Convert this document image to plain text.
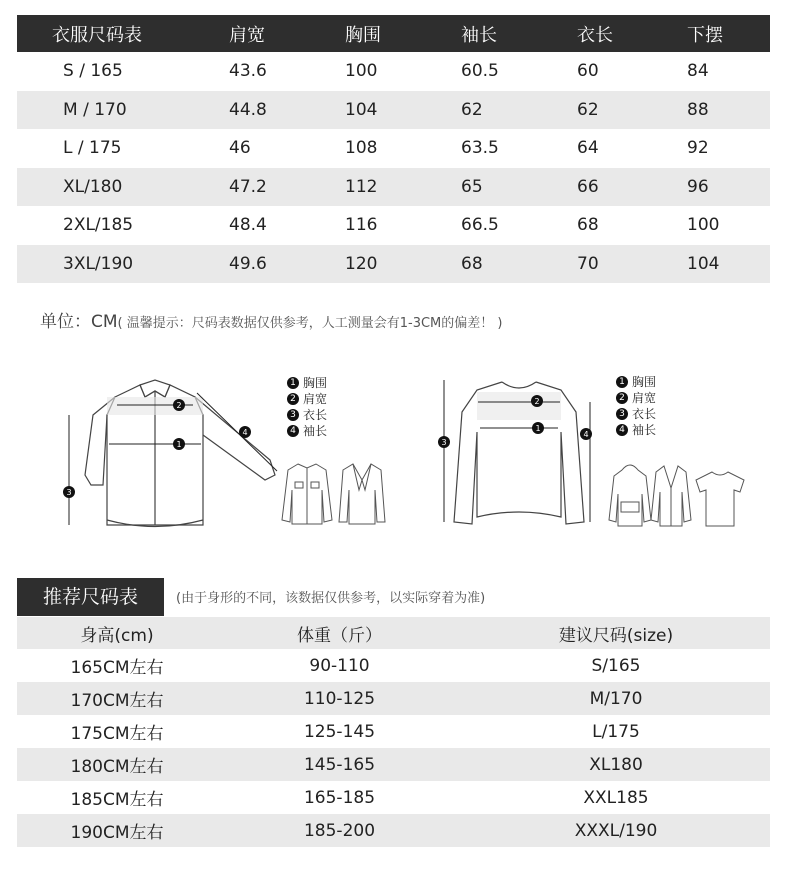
衣服尺码表	肩宽	胸围	袖长	衣长	下摆
S / 165	43.6	100	60.5	60	84
M / 170	44.8	104	62	62	88
L / 175	46	108	63.5	64	92
XL/180	47.2	112	65	66	96
2XL/185	48.4	116	66.5	68	100
3XL/190	49.6	120	68	70	104
单位：CM( 温馨提示：尺码表数据仅供参考，人工测量会有1-3CM的偏差！ )
1
2
3
4
1 胸围
2 肩宽
3 衣长
4 袖长	1
2
3
4
1 胸围
2 肩宽
3 衣长
4 袖长
推荐尺码表	(由于身形的不同，该数据仅供参考，以实际穿着为准)
身高(cm)	体重（斤）	建议尺码(size)
165CM左右	90-110	S/165
170CM左右	110-125	M/170
175CM左右	125-145	L/175
180CM左右	145-165	XL180
185CM左右	165-185	XXL185
190CM左右	185-200	XXXL/190
